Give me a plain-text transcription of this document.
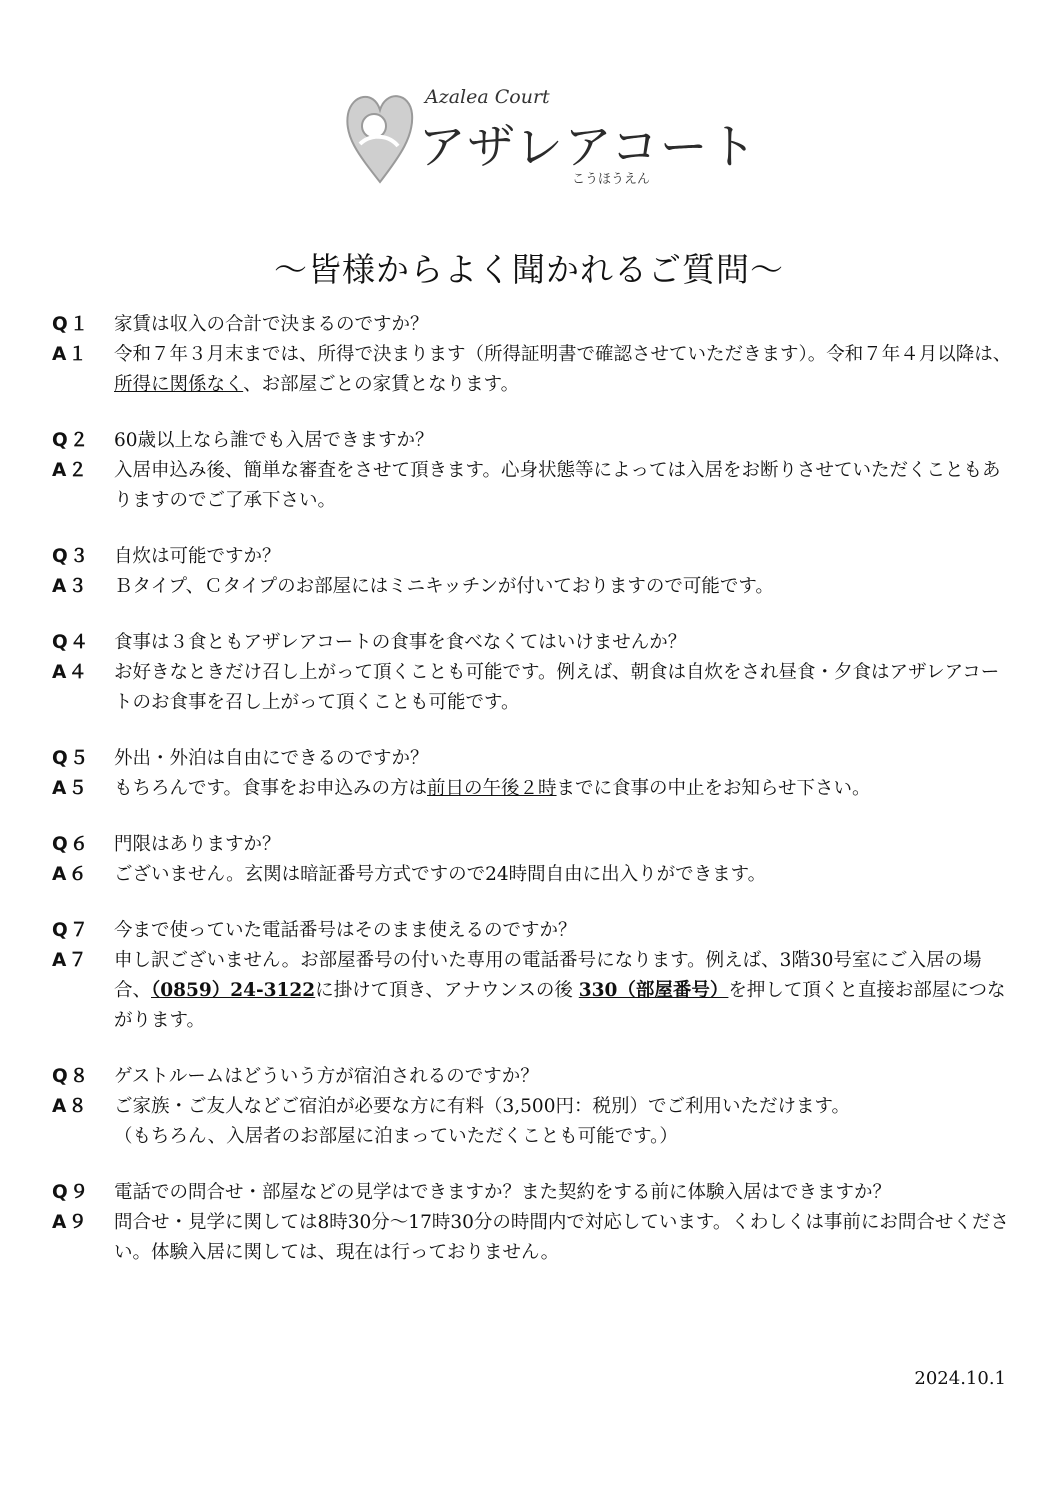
Azalea Court
アザレアコート
こうほうえん
～皆様からよく聞かれるご質問～
Q１	家賃は収入の合計で決まるのですか？
A１	令和７年３月末までは、所得で決まります（所得証明書で確認させていただきます）。令和７年４月以降は、所得に関係なく、お部屋ごとの家賃となります。
Q２	60歳以上なら誰でも入居できますか？
A２	入居申込み後、簡単な審査をさせて頂きます。心身状態等によっては入居をお断りさせていただくこともありますのでご了承下さい。
Q３	自炊は可能ですか？
A３	Ｂタイプ、Ｃタイプのお部屋にはミニキッチンが付いておりますので可能です。
Q４	食事は３食ともアザレアコートの食事を食べなくてはいけませんか？
A４	お好きなときだけ召し上がって頂くことも可能です。例えば、朝食は自炊をされ昼食・夕食はアザレアコートのお食事を召し上がって頂くことも可能です。
Q５	外出・外泊は自由にできるのですか？
A５	もちろんです。食事をお申込みの方は前日の午後２時までに食事の中止をお知らせ下さい。
Q６	門限はありますか？
A６	ございません。玄関は暗証番号方式ですので24時間自由に出入りができます。
Q７	今まで使っていた電話番号はそのまま使えるのですか？
A７	申し訳ございません。お部屋番号の付いた専用の電話番号になります。例えば、3階30号室にご入居の場合、（0859）24-3122に掛けて頂き、アナウンスの後 330（部屋番号）を押して頂くと直接お部屋につながります。
Q８	ゲストルームはどういう方が宿泊されるのですか？
A８	ご家族・ご友人などご宿泊が必要な方に有料（3,500円：税別）でご利用いただけます。
（もちろん、入居者のお部屋に泊まっていただくことも可能です。）
Q９	電話での問合せ・部屋などの見学はできますか？また契約をする前に体験入居はできますか？
A９	問合せ・見学に関しては8時30分～17時30分の時間内で対応しています。くわしくは事前にお問合せください。体験入居に関しては、現在は行っておりません。
2024.10.1
